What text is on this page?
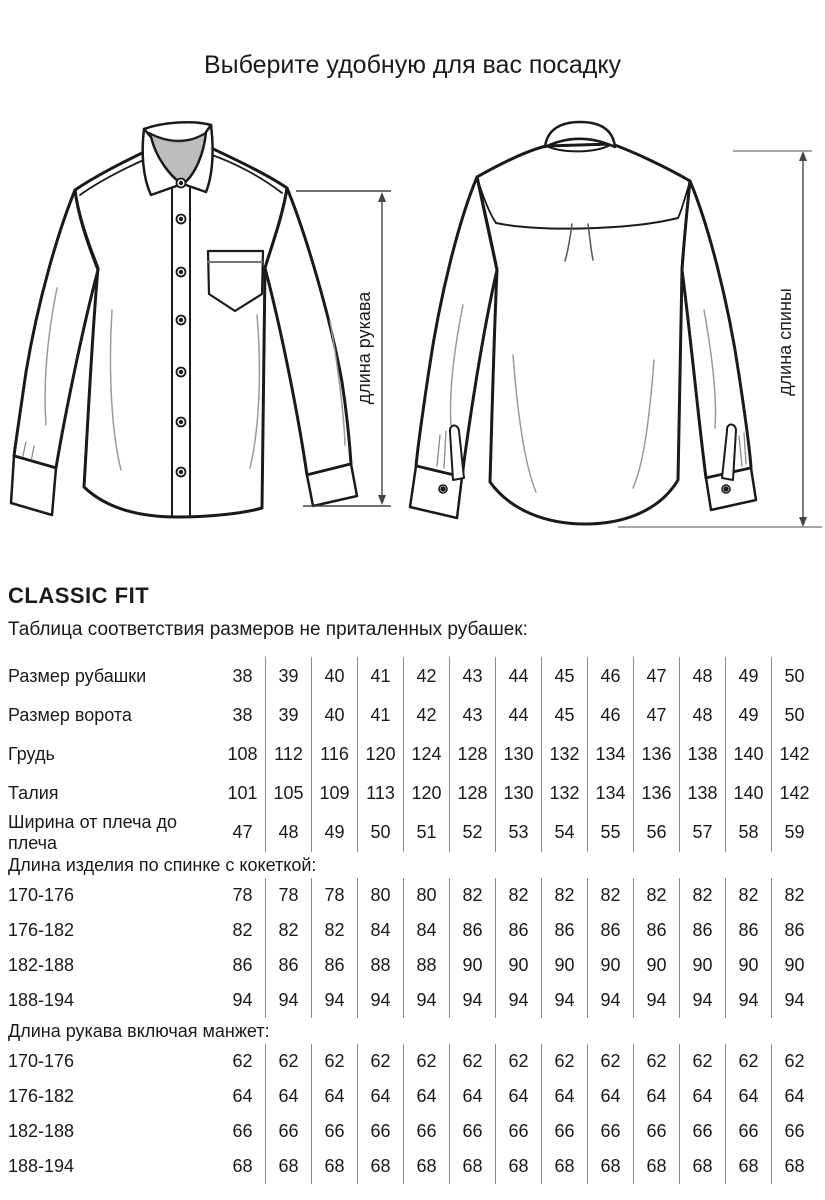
Выберите удобную для вас посадку
длина рукава	длина спины
CLASSIC FIT
Таблица соответствия размеров не приталенных рубашек:
Размер рубашки	38	39	40	41	42	43	44	45	46	47	48	49	50
Размер ворота	38	39	40	41	42	43	44	45	46	47	48	49	50
Грудь	108 112 116 120 124 128 130 132 134 136 138 140 142
Талия	101 105 109 113 120 128 130 132 134 136 138 140 142
Ширина от плеча до плеча
47	48	49	50	51	52	53	54	55	56	57	58	59
Длина изделия по спинке с кокеткой:
170-176	78	78	78	80	80	82	82	82	82	82	82	82	82
176-182	82	82	82	84	84	86	86	86	86	86	86	86	86
182-188	86	86	86	88	88	90	90	90	90	90	90	90	90
188-194	94	94	94	94	94	94	94	94	94	94	94	94	94
Длина рукава включая манжет:
170-176	62	62	62	62	62	62	62	62	62	62	62	62	62
176-182	64	64	64	64	64	64	64	64	64	64	64	64	64
182-188	66	66	66	66	66	66	66	66	66	66	66	66	66
188-194	68	68	68	68	68	68	68	68	68	68	68	68	68
